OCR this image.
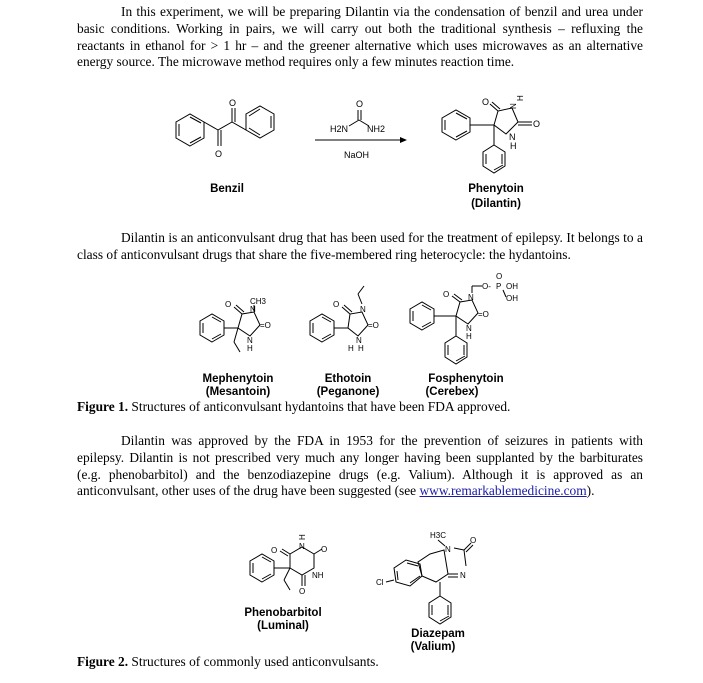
In this experiment, we will be preparing Dilantin via the condensation of benzil and urea under basic conditions. Working in pairs, we will carry out both the traditional synthesis – refluxing the reactants in ethanol for > 1 hr – and the greener alternative which uses microwaves as an alternative energy source. The microwave method requires only a few minutes reaction time.

O
O	O
H2N NH2
NaOH
O N
H
O
N
H
Benzil	Phenytoin
(Dilantin)

Dilantin is an anticonvulsant drug that has been used for the treatment of epilepsy. It belongs to a class of anticonvulsant drugs that share the five-membered ring heterocycle: the hydantoins.

O
N
CH3
=O
N
H
O
N
=O
N
H H
O N
O- P
O
OH
OH
=O
N
H
Mephenytoin
(Mesantoin)
Ethotoin
(Peganone)
Fosphenytoin
(Cerebex)
Figure 1. Structures of anticonvulsant hydantoins that have been FDA approved.

Dilantin was approved by the FDA in 1953 for the prevention of seizures in patients with epilepsy. Dilantin is not prescribed very much any longer having been supplanted by the barbiturates (e.g. phenobarbitol) and the benzodiazepine drugs (e.g. Valium). Although it is approved as an anticonvulsant, other uses of the drug have been suggested (see www.remarkablemedicine.com).

O	N
H
O
NH
O
H3C
N
O
N
Cl
Phenobarbitol
(Luminal)
Diazepam
(Valium)
Figure 2. Structures of commonly used anticonvulsants.
